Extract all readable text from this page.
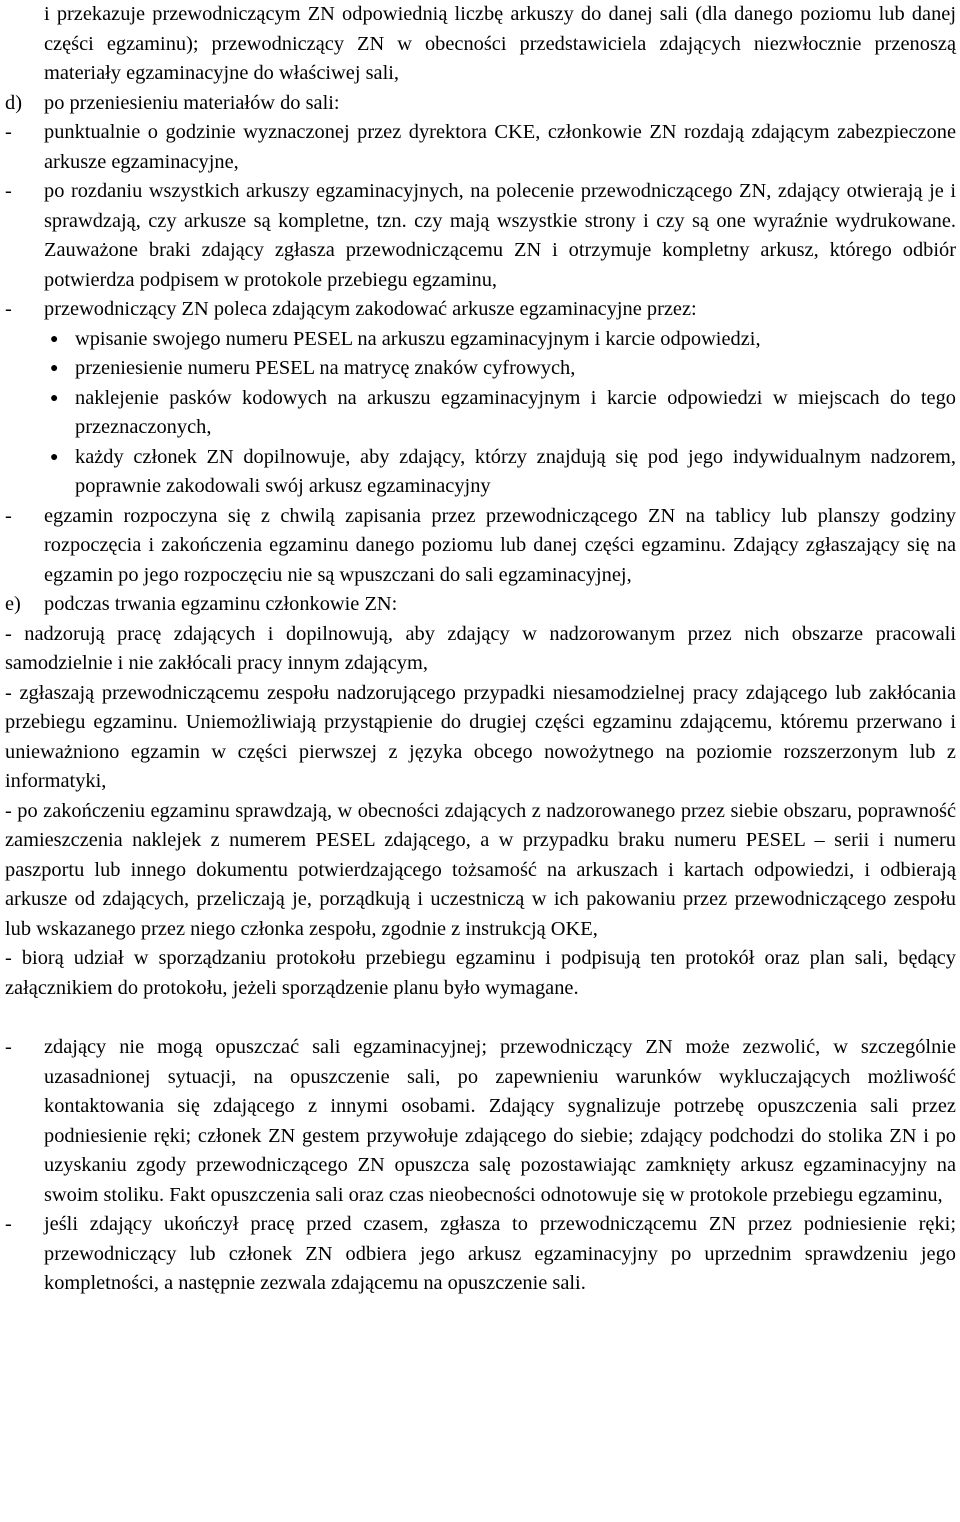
i przekazuje przewodniczącym ZN odpowiednią liczbę arkuszy do danej sali (dla danego poziomu lub danej części egzaminu); przewodniczący ZN w obecności przedstawiciela zdających niezwłocznie przenoszą materiały egzaminacyjne do właściwej sali,

d)	po przeniesieniu materiałów do sali:
-	punktualnie o godzinie wyznaczonej przez dyrektora CKE, członkowie ZN rozdają zdającym zabezpieczone arkusze egzaminacyjne,
-	po rozdaniu wszystkich arkuszy egzaminacyjnych, na polecenie przewodniczącego ZN, zdający otwierają je i sprawdzają, czy arkusze są kompletne, tzn. czy mają wszystkie strony i czy są one wyraźnie wydrukowane. Zauważone braki zdający zgłasza przewodniczącemu ZN i otrzymuje kompletny arkusz, którego odbiór potwierdza podpisem w protokole przebiegu egzaminu,
-	przewodniczący ZN poleca zdającym zakodować arkusze egzaminacyjne przez:
● wpisanie swojego numeru PESEL na arkuszu egzaminacyjnym i karcie odpowiedzi,
● przeniesienie numeru PESEL na matrycę znaków cyfrowych,
● naklejenie pasków kodowych na arkuszu egzaminacyjnym i karcie odpowiedzi w miejscach do tego przeznaczonych,
● każdy członek ZN dopilnowuje, aby zdający, którzy znajdują się pod jego indywidualnym nadzorem, poprawnie zakodowali swój arkusz egzaminacyjny
-	egzamin rozpoczyna się z chwilą zapisania przez przewodniczącego ZN na tablicy lub planszy godziny rozpoczęcia i zakończenia egzaminu danego poziomu lub danej części egzaminu. Zdający zgłaszający się na egzamin po jego rozpoczęciu nie są wpuszczani do sali egzaminacyjnej,
e)	podczas trwania egzaminu członkowie ZN:

- nadzorują pracę zdających i dopilnowują, aby zdający w nadzorowanym przez nich obszarze pracowali samodzielnie i nie zakłócali pracy innym zdającym,

- zgłaszają przewodniczącemu zespołu nadzorującego przypadki niesamodzielnej pracy zdającego lub zakłócania przebiegu egzaminu. Uniemożliwiają przystąpienie do drugiej części egzaminu zdającemu, któremu przerwano i unieważniono egzamin w części pierwszej z języka obcego nowożytnego na poziomie rozszerzonym lub z informatyki,

- po zakończeniu egzaminu sprawdzają, w obecności zdających z nadzorowanego przez siebie obszaru, poprawność zamieszczenia naklejek z numerem PESEL zdającego, a w przypadku braku numeru PESEL – serii i numeru paszportu lub innego dokumentu potwierdzającego tożsamość na arkuszach i kartach odpowiedzi, i odbierają arkusze od zdających, przeliczają je, porządkują i uczestniczą w ich pakowaniu przez przewodniczącego zespołu lub wskazanego przez niego członka zespołu, zgodnie z instrukcją OKE,

- biorą udział w sporządzaniu protokołu przebiegu egzaminu i podpisują ten protokół oraz plan sali, będący załącznikiem do protokołu, jeżeli sporządzenie planu było wymagane.

-	zdający nie mogą opuszczać sali egzaminacyjnej; przewodniczący ZN może zezwolić, w szczególnie uzasadnionej sytuacji, na opuszczenie sali, po zapewnieniu warunków wykluczających możliwość kontaktowania się zdającego z innymi osobami. Zdający sygnalizuje potrzebę opuszczenia sali przez podniesienie ręki; członek ZN gestem przywołuje zdającego do siebie; zdający podchodzi do stolika ZN i po uzyskaniu zgody przewodniczącego ZN opuszcza salę pozostawiając zamknięty arkusz egzaminacyjny na swoim stoliku. Fakt opuszczenia sali oraz czas nieobecności odnotowuje się w protokole przebiegu egzaminu,
-	jeśli zdający ukończył pracę przed czasem, zgłasza to przewodniczącemu ZN przez podniesienie ręki; przewodniczący lub członek ZN odbiera jego arkusz egzaminacyjny po uprzednim sprawdzeniu jego kompletności, a następnie zezwala zdającemu na opuszczenie sali.
